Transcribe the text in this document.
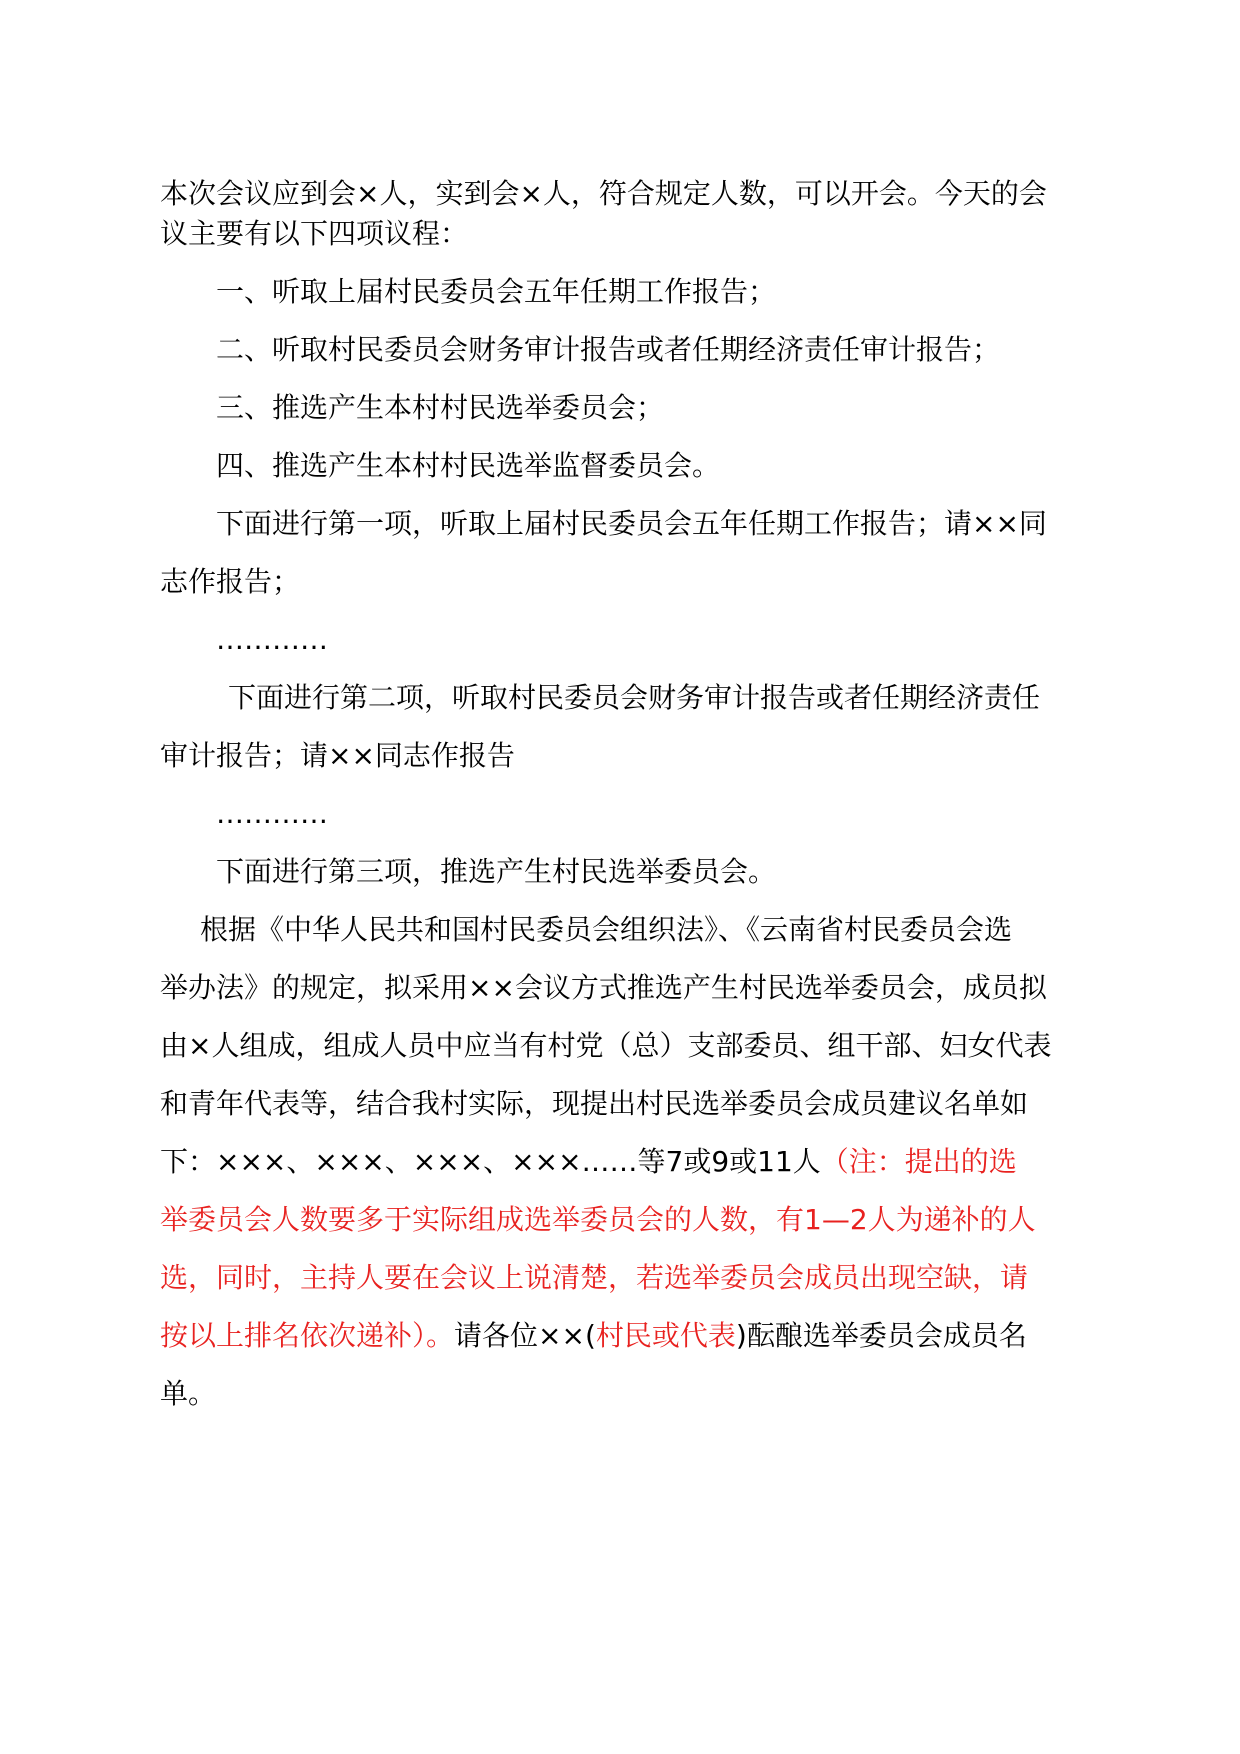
本次会议应到会×人，实到会×人，符合规定人数，可以开会。今天的会
议主要有以下四项议程：
一、听取上届村民委员会五年任期工作报告；
二、听取村民委员会财务审计报告或者任期经济责任审计报告；
三、推选产生本村村民选举委员会；
四、推选产生本村村民选举监督委员会。
下面进行第一项，听取上届村民委员会五年任期工作报告；请××同
志作报告；
…………
下面进行第二项，听取村民委员会财务审计报告或者任期经济责任
审计报告；请××同志作报告
…………
下面进行第三项，推选产生村民选举委员会。
根据《中华人民共和国村民委员会组织法》、《云南省村民委员会选
举办法》的规定，拟采用××会议方式推选产生村民选举委员会，成员拟
由×人组成，组成人员中应当有村党（总）支部委员、组干部、妇女代表
和青年代表等，结合我村实际，现提出村民选举委员会成员建议名单如
下：×××、×××、×××、×××……等7或9或11人（注：提出的选
举委员会人数要多于实际组成选举委员会的人数，有1—2人为递补的人
选，同时，主持人要在会议上说清楚，若选举委员会成员出现空缺，请
按以上排名依次递补）。请各位××(村民或代表)酝酿选举委员会成员名
单。
